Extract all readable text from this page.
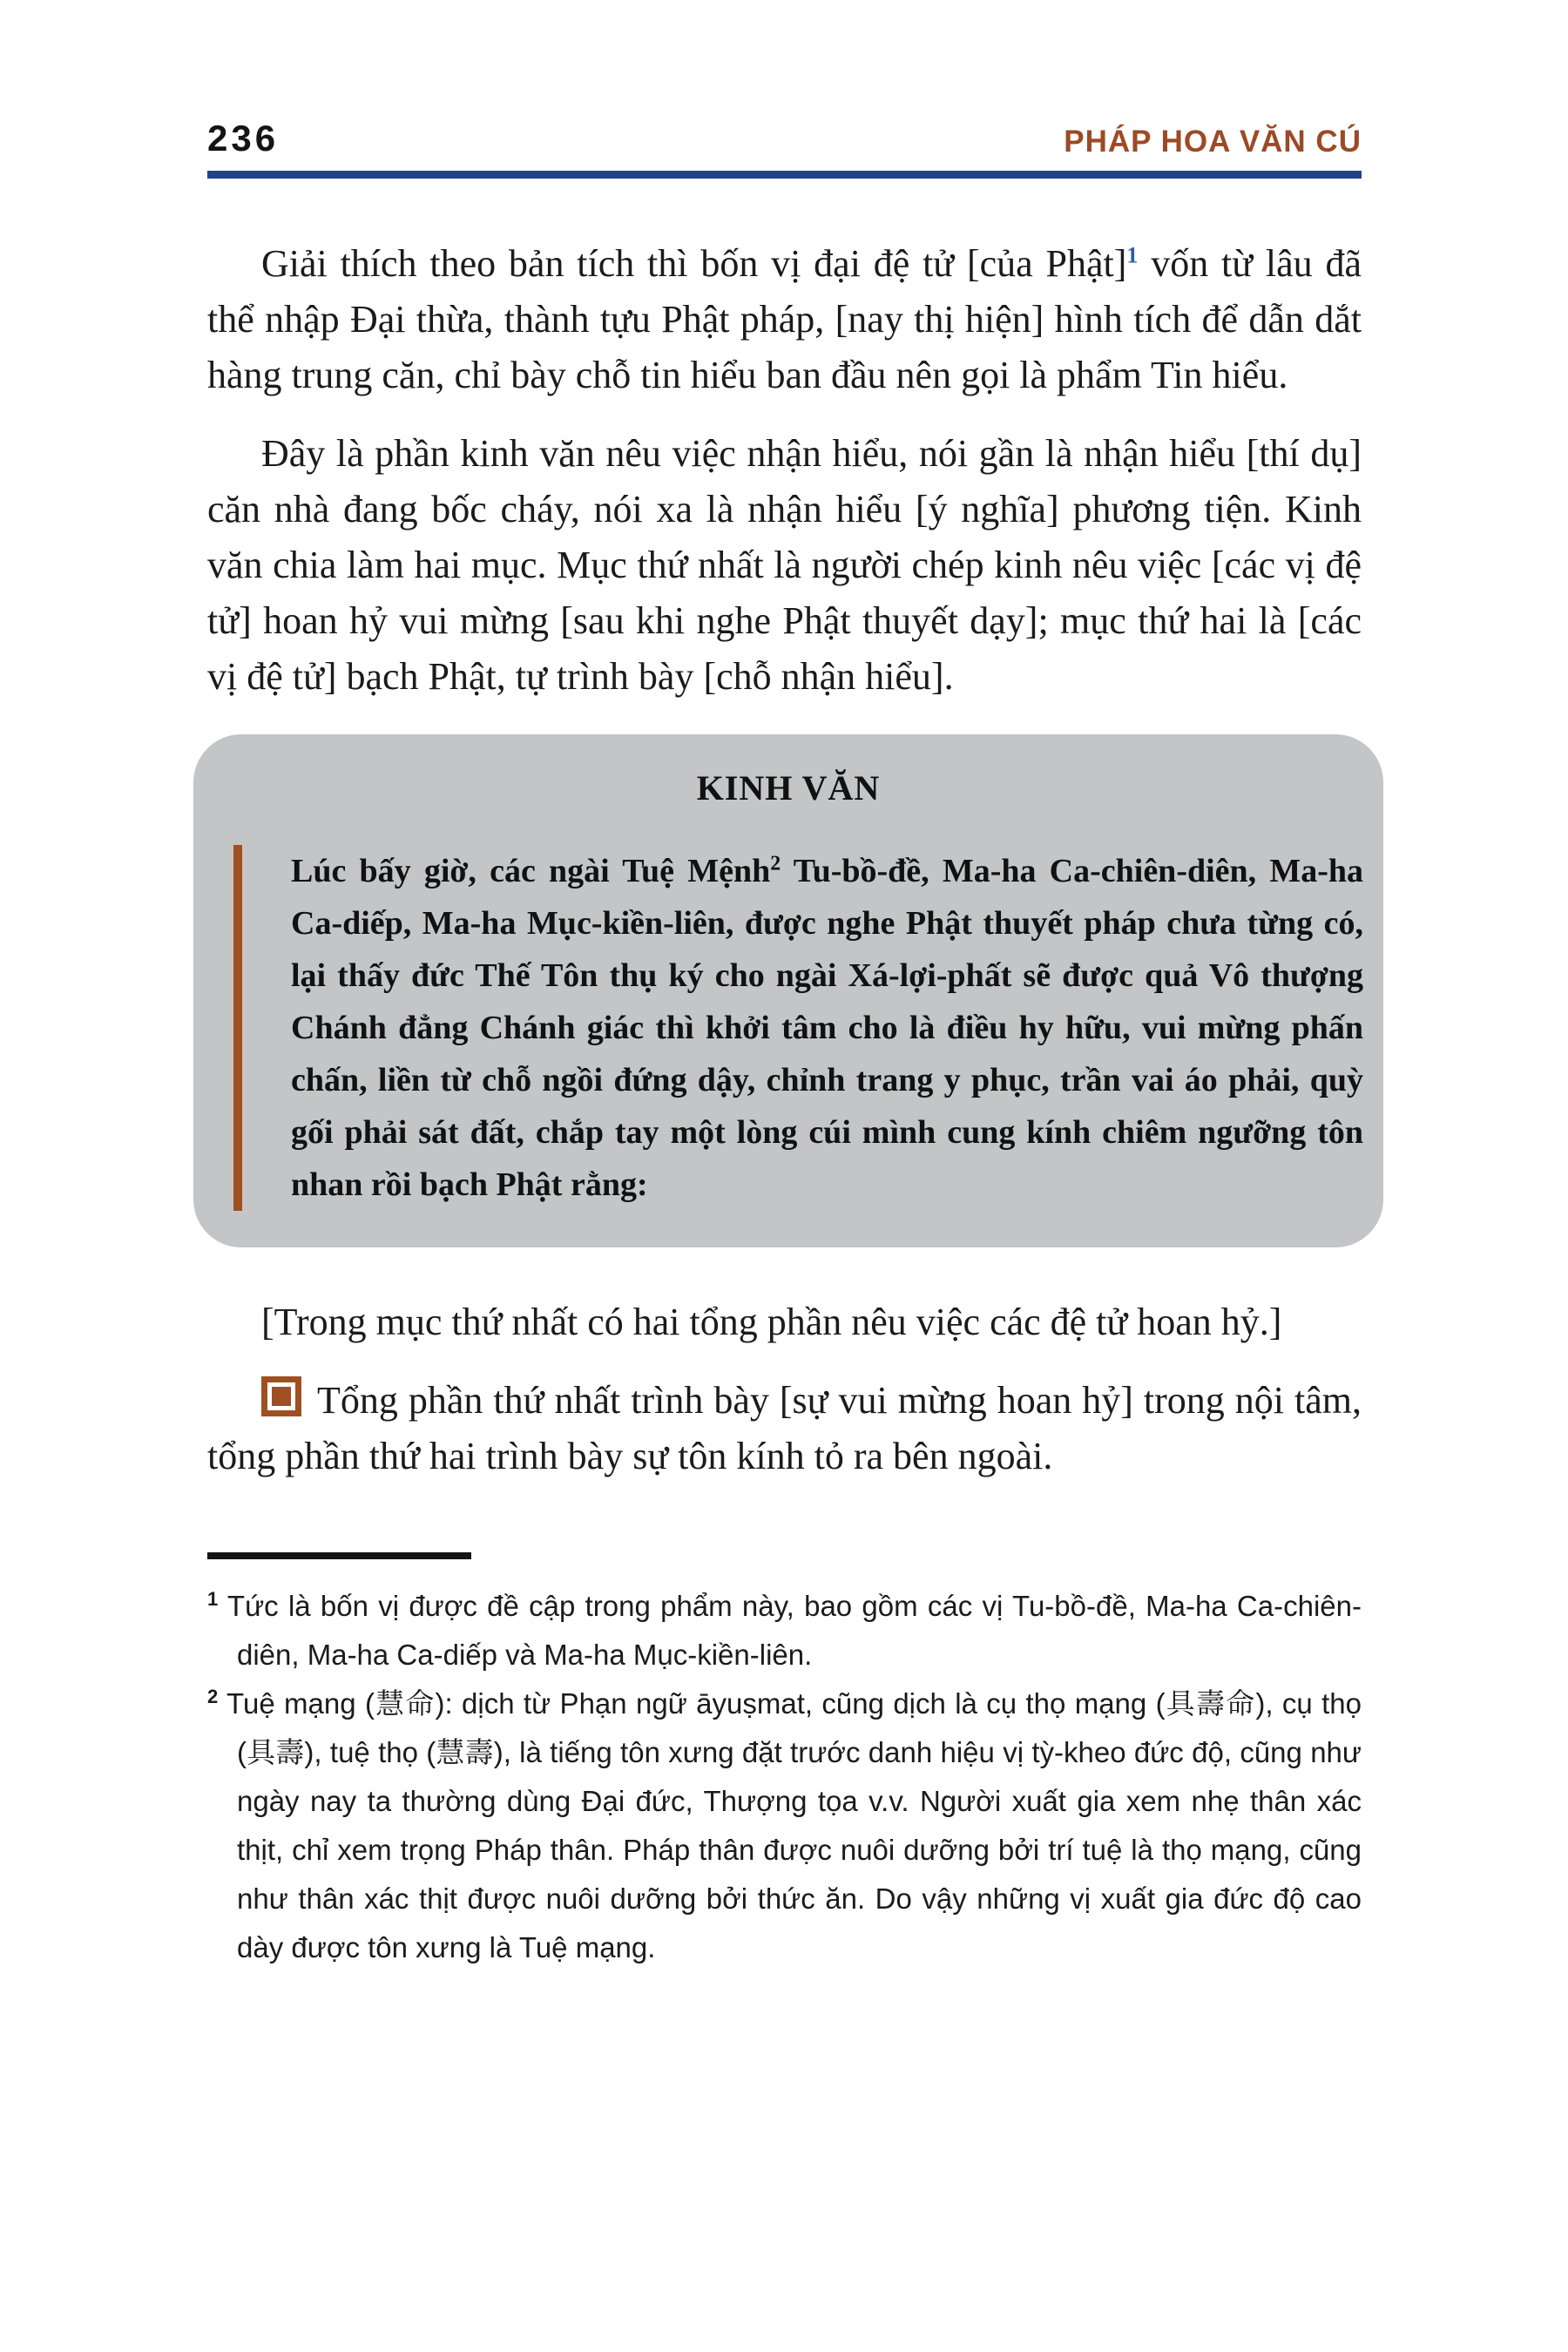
236	PHÁP HOA VĂN CÚ

Giải thích theo bản tích thì bốn vị đại đệ tử [của Phật]$^1$ vốn từ lâu đã thể nhập Đại thừa, thành tựu Phật pháp, [nay thị hiện] hình tích để dẫn dắt hàng trung căn, chỉ bày chỗ tin hiểu ban đầu nên gọi là phẩm Tin hiểu.

Đây là phần kinh văn nêu việc nhận hiểu, nói gần là nhận hiểu [thí dụ] căn nhà đang bốc cháy, nói xa là nhận hiểu [ý nghĩa] phương tiện. Kinh văn chia làm hai mục. Mục thứ nhất là người chép kinh nêu việc [các vị đệ tử] hoan hỷ vui mừng [sau khi nghe Phật thuyết dạy]; mục thứ hai là [các vị đệ tử] bạch Phật, tự trình bày [chỗ nhận hiểu].

KINH VĂN
Lúc bấy giờ, các ngài Tuệ Mệnh$^2$ Tu-bồ-đề, Ma-ha Ca-chiên-diên, Ma-ha Ca-diếp, Ma-ha Mục-kiền-liên, được nghe Phật thuyết pháp chưa từng có, lại thấy đức Thế Tôn thụ ký cho ngài Xá-lợi-phất sẽ được quả Vô thượng Chánh đẳng Chánh giác thì khởi tâm cho là điều hy hữu, vui mừng phấn chấn, liền từ chỗ ngồi đứng dậy, chỉnh trang y phục, trần vai áo phải, quỳ gối phải sát đất, chắp tay một lòng cúi mình cung kính chiêm ngưỡng tôn nhan rồi bạch Phật rằng:

[Trong mục thứ nhất có hai tổng phần nêu việc các đệ tử hoan hỷ.]

Tổng phần thứ nhất trình bày [sự vui mừng hoan hỷ] trong nội tâm, tổng phần thứ hai trình bày sự tôn kính tỏ ra bên ngoài.

$^1$ Tức là bốn vị được đề cập trong phẩm này, bao gồm các vị Tu-bồ-đề, Ma-ha Ca-chiên-diên, Ma-ha Ca-diếp và Ma-ha Mục-kiền-liên.

$^2$ Tuệ mạng (慧命): dịch từ Phạn ngữ āyuṣmat, cũng dịch là cụ thọ mạng (具壽命), cụ thọ (具壽), tuệ thọ (慧壽), là tiếng tôn xưng đặt trước danh hiệu vị tỳ-kheo đức độ, cũng như ngày nay ta thường dùng Đại đức, Thượng tọa v.v. Người xuất gia xem nhẹ thân xác thịt, chỉ xem trọng Pháp thân. Pháp thân được nuôi dưỡng bởi trí tuệ là thọ mạng, cũng như thân xác thịt được nuôi dưỡng bởi thức ăn. Do vậy những vị xuất gia đức độ cao dày được tôn xưng là Tuệ mạng.
